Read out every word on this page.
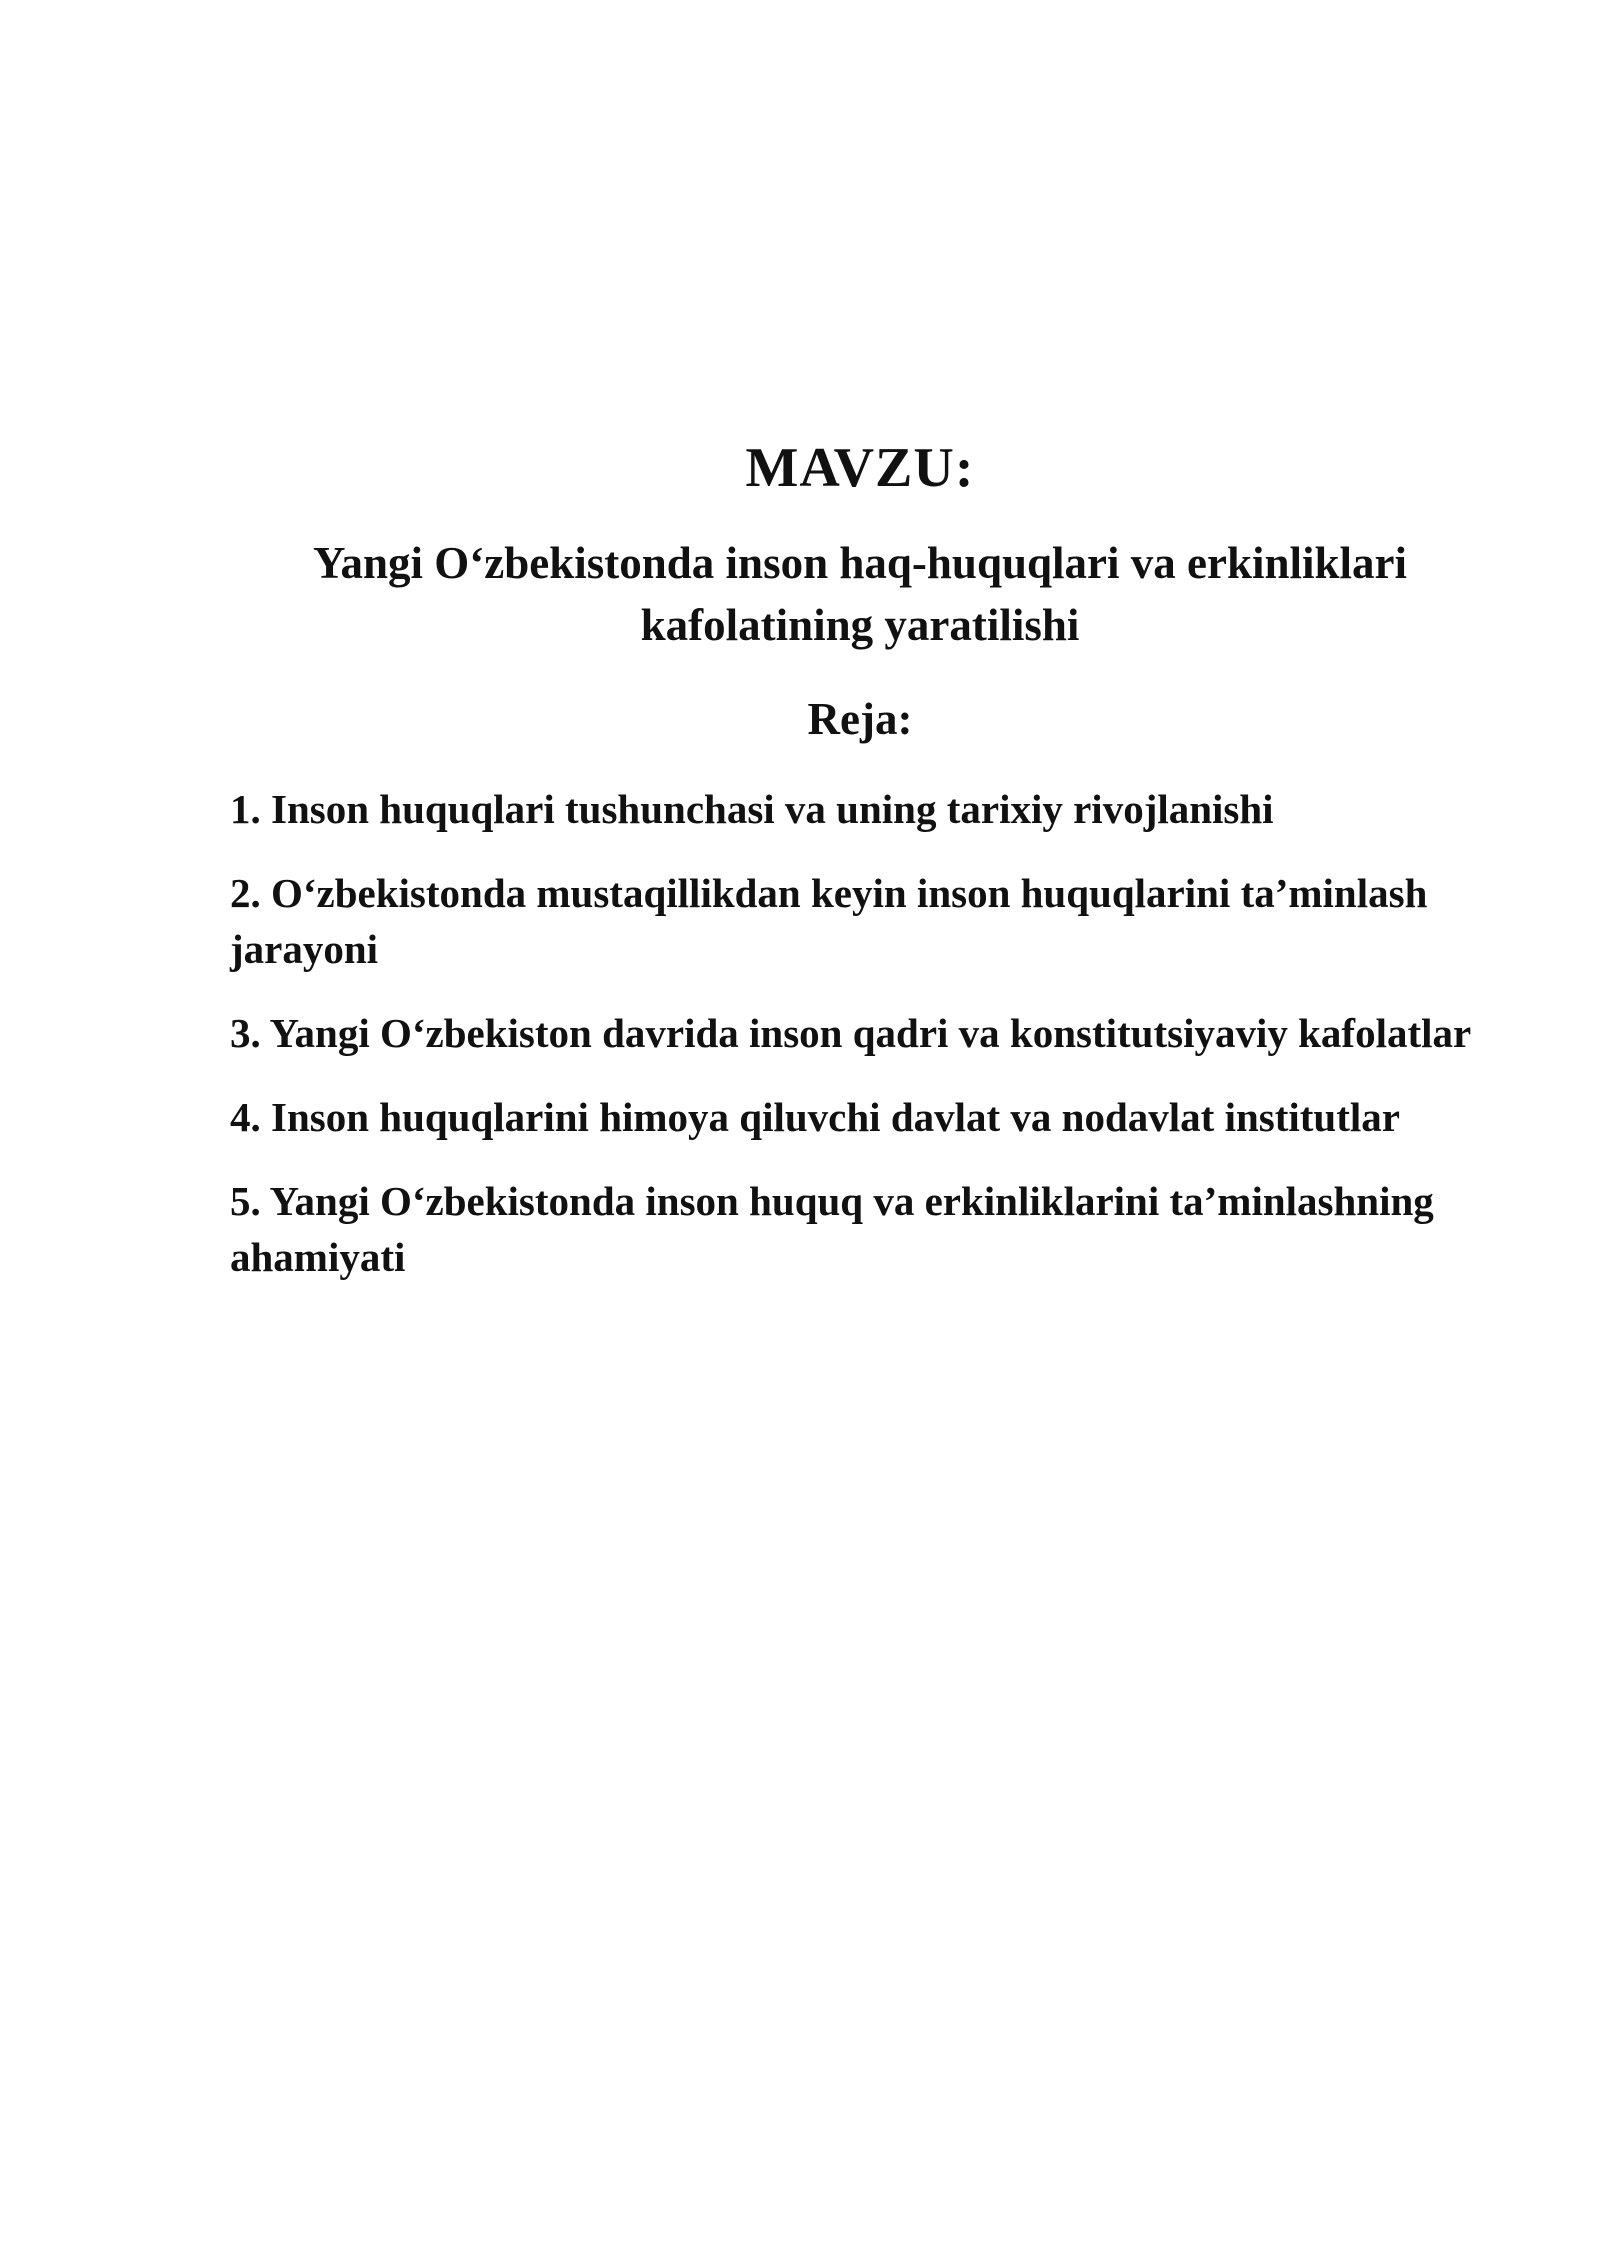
MAVZU:
Yangi O‘zbekistonda inson haq-huquqlari va erkinliklari kafolatining yaratilishi
Reja:
1. Inson huquqlari tushunchasi va uning tarixiy rivojlanishi
2. O‘zbekistonda mustaqillikdan keyin inson huquqlarini ta’minlash jarayoni
3. Yangi O‘zbekiston davrida inson qadri va konstitutsiyaviy kafolatlar
4. Inson huquqlarini himoya qiluvchi davlat va nodavlat institutlar
5. Yangi O‘zbekistonda inson huquq va erkinliklarini ta’minlashning ahamiyati
